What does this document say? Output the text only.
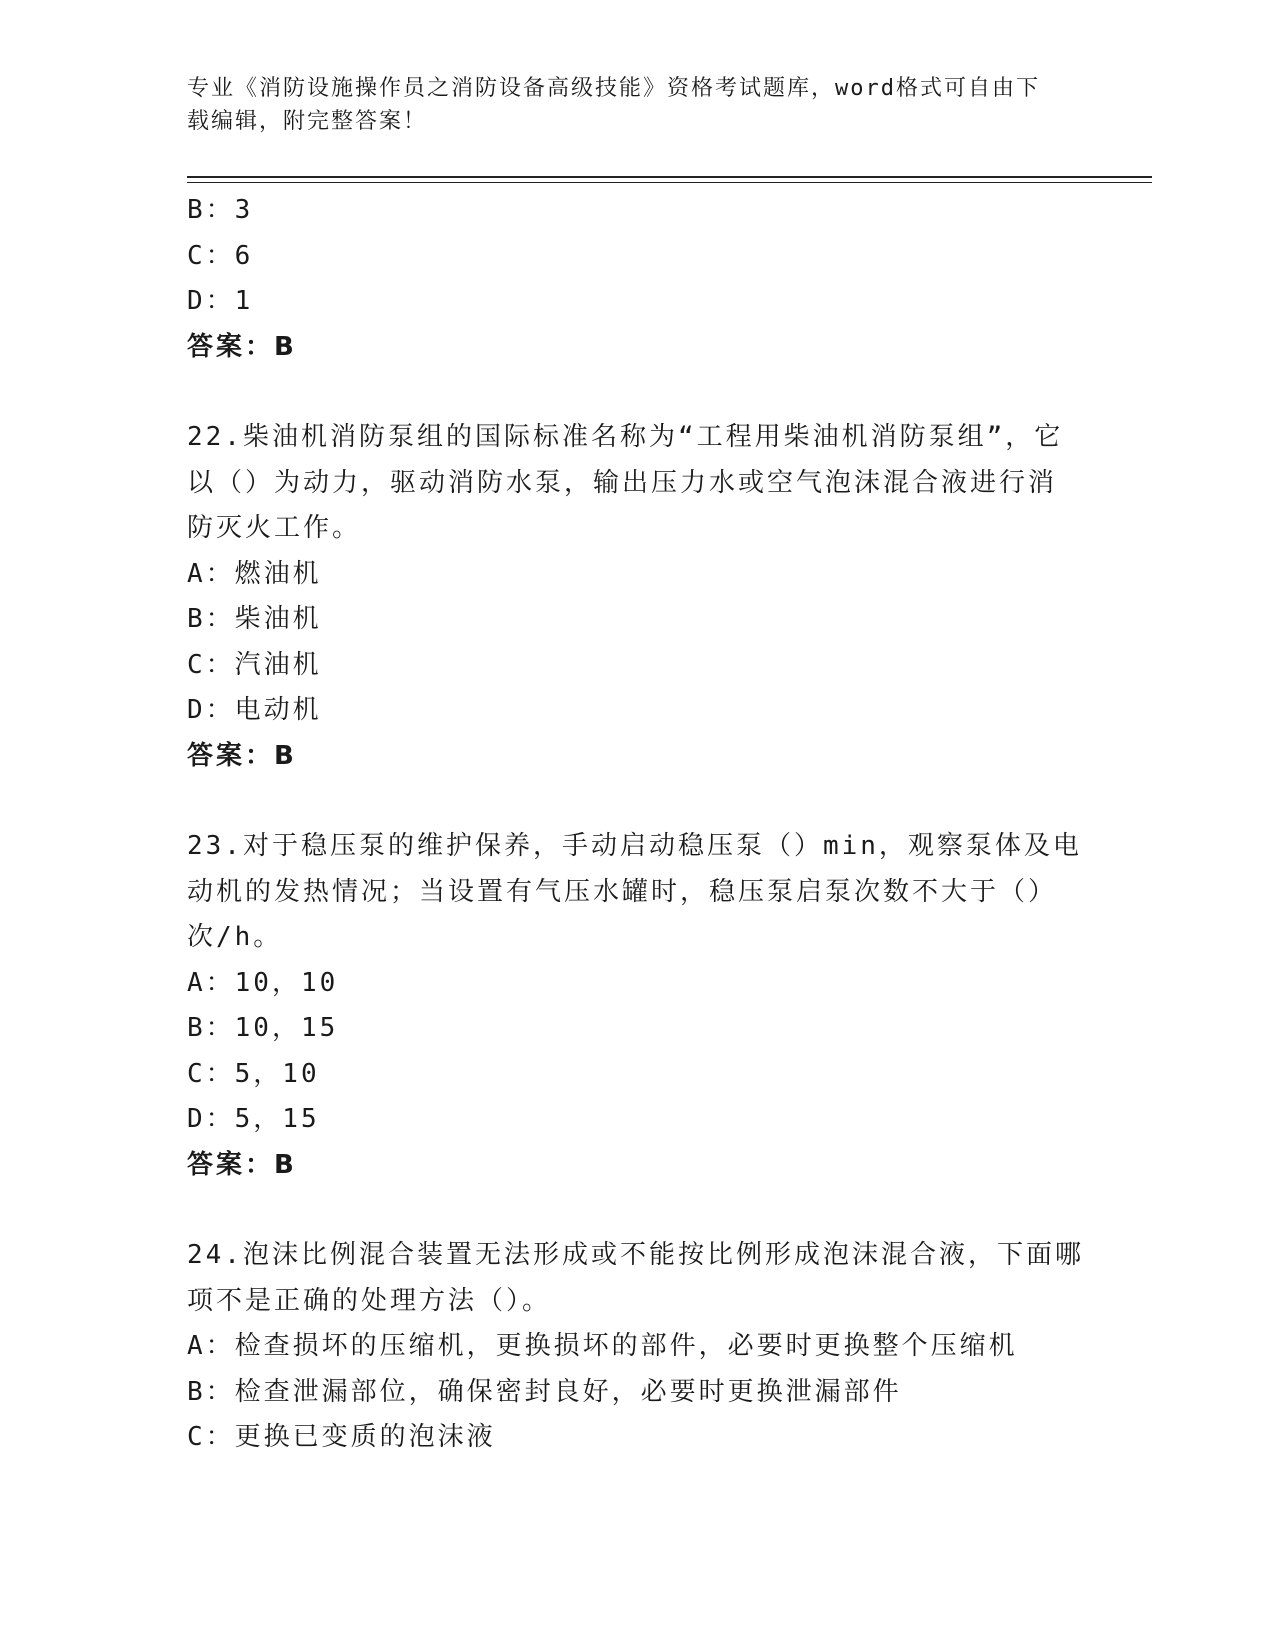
专业《消防设施操作员之消防设备高级技能》资格考试题库，word格式可自由下
载编辑，附完整答案！
B：3
C：6
D：1
答案：B
22.柴油机消防泵组的国际标准名称为“工程用柴油机消防泵组”，它
以（）为动力，驱动消防水泵，输出压力水或空气泡沫混合液进行消
防灭火工作。
A：燃油机
B：柴油机
C：汽油机
D：电动机
答案：B
23.对于稳压泵的维护保养，手动启动稳压泵（）min，观察泵体及电
动机的发热情况；当设置有气压水罐时，稳压泵启泵次数不大于（）
次/h。
A：10，10
B：10，15
C：5，10
D：5，15
答案：B
24.泡沫比例混合装置无法形成或不能按比例形成泡沫混合液，下面哪
项不是正确的处理方法（）。
A：检查损坏的压缩机，更换损坏的部件，必要时更换整个压缩机
B：检查泄漏部位，确保密封良好，必要时更换泄漏部件
C：更换已变质的泡沫液
